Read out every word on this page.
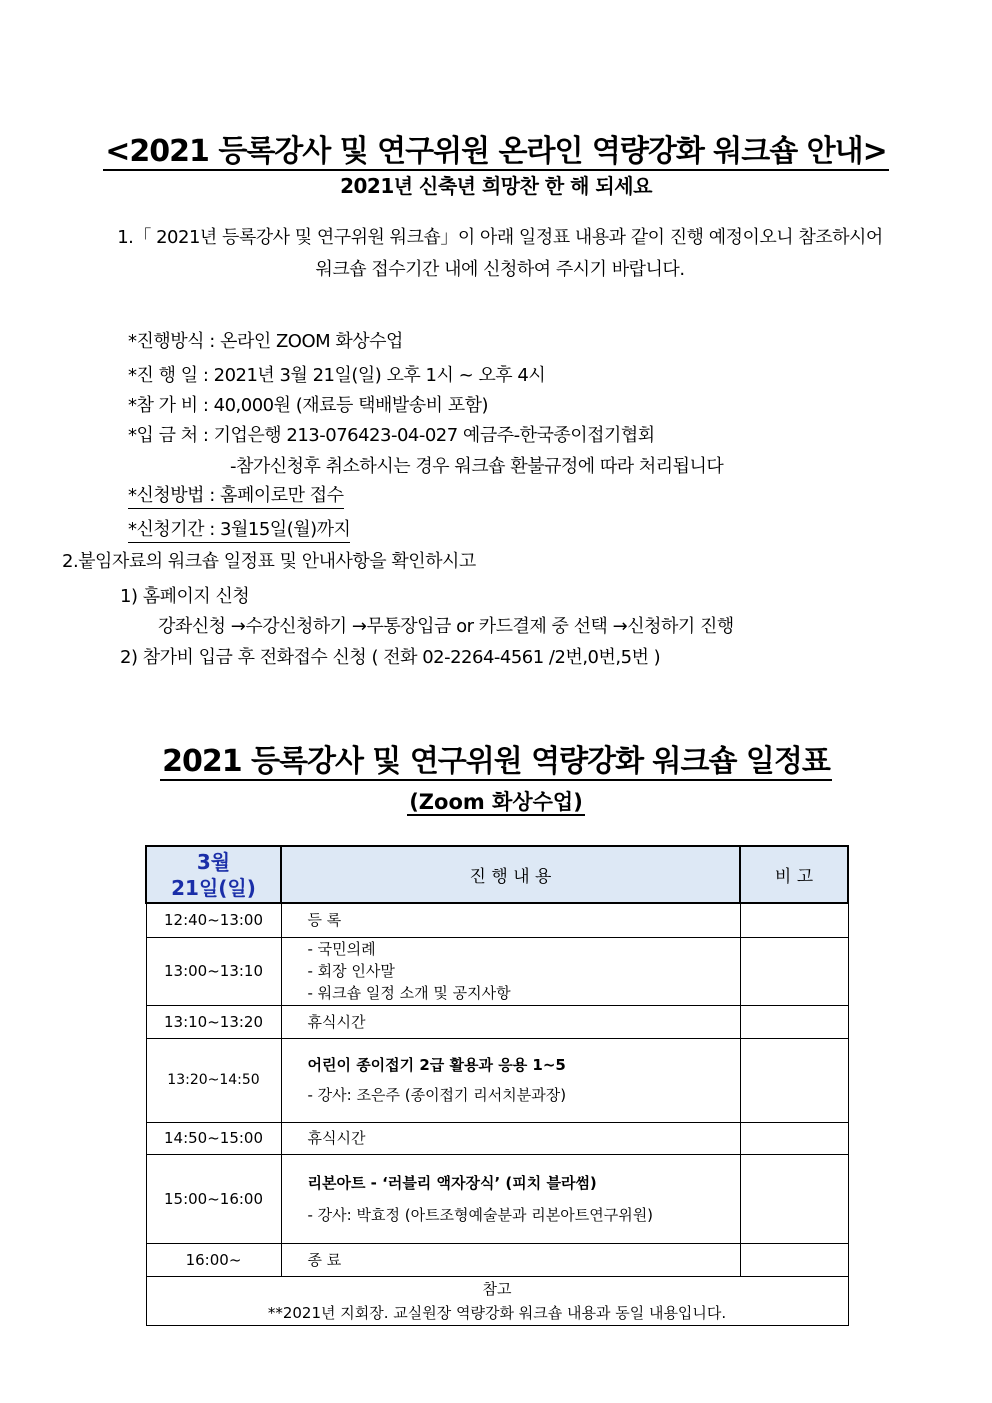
<2021 등록강사 및 연구위원 온라인 역량강화 워크숍 안내>
2021년 신축년 희망찬 한 해 되세요
1.「 2021년 등록강사 및 연구위원 워크숍」이 아래 일정표 내용과 같이 진행 예정이오니 참조하시어
워크숍 접수기간 내에 신청하여 주시기 바랍니다.
*진행방식 : 온라인 ZOOM 화상수업
*진 행 일 : 2021년 3월 21일(일) 오후 1시 ~ 오후 4시
*참 가 비 : 40,000원 (재료등 택배발송비 포함)
*입 금 처 : 기업은행 213-076423-04-027 예금주-한국종이접기협회
-참가신청후 취소하시는 경우 워크숍 환불규정에 따라 처리됩니다
*신청방법 : 홈페이로만 접수
*신청기간 : 3월15일(월)까지
2.붙임자료의 워크숍 일정표 및 안내사항을 확인하시고
1) 홈페이지 신청
강좌신청 →수강신청하기 →무통장입금 or 카드결제 중 선택 →신청하기 진행
2) 참가비 입금 후 전화접수 신청 ( 전화 02-2264-4561 /2번,0번,5번 )
2021 등록강사 및 연구위원 역량강화 워크숍 일정표
(Zoom 화상수업)
3월
21일(일)	진 행 내 용	비 고
12:40~13:00	등 록	
13:00~13:10	- 국민의례
- 회장 인사말
- 워크숍 일정 소개 및 공지사항	

13:10~13:20	휴식시간	
13:20~14:50	어린이 종이접기 2급 활용과 응용 1~5
- 강사: 조은주 (종이접기 리서치분과장)	

14:50~15:00	휴식시간	
15:00~16:00	리본아트 - ‘러블리 액자장식’ (피치 블라썸)
- 강사: 박효정 (아트조형예술분과 리본아트연구위원)	

16:00~	종 료	

참고
**2021년 지회장. 교실원장 역량강화 워크숍 내용과 동일 내용입니다.		
